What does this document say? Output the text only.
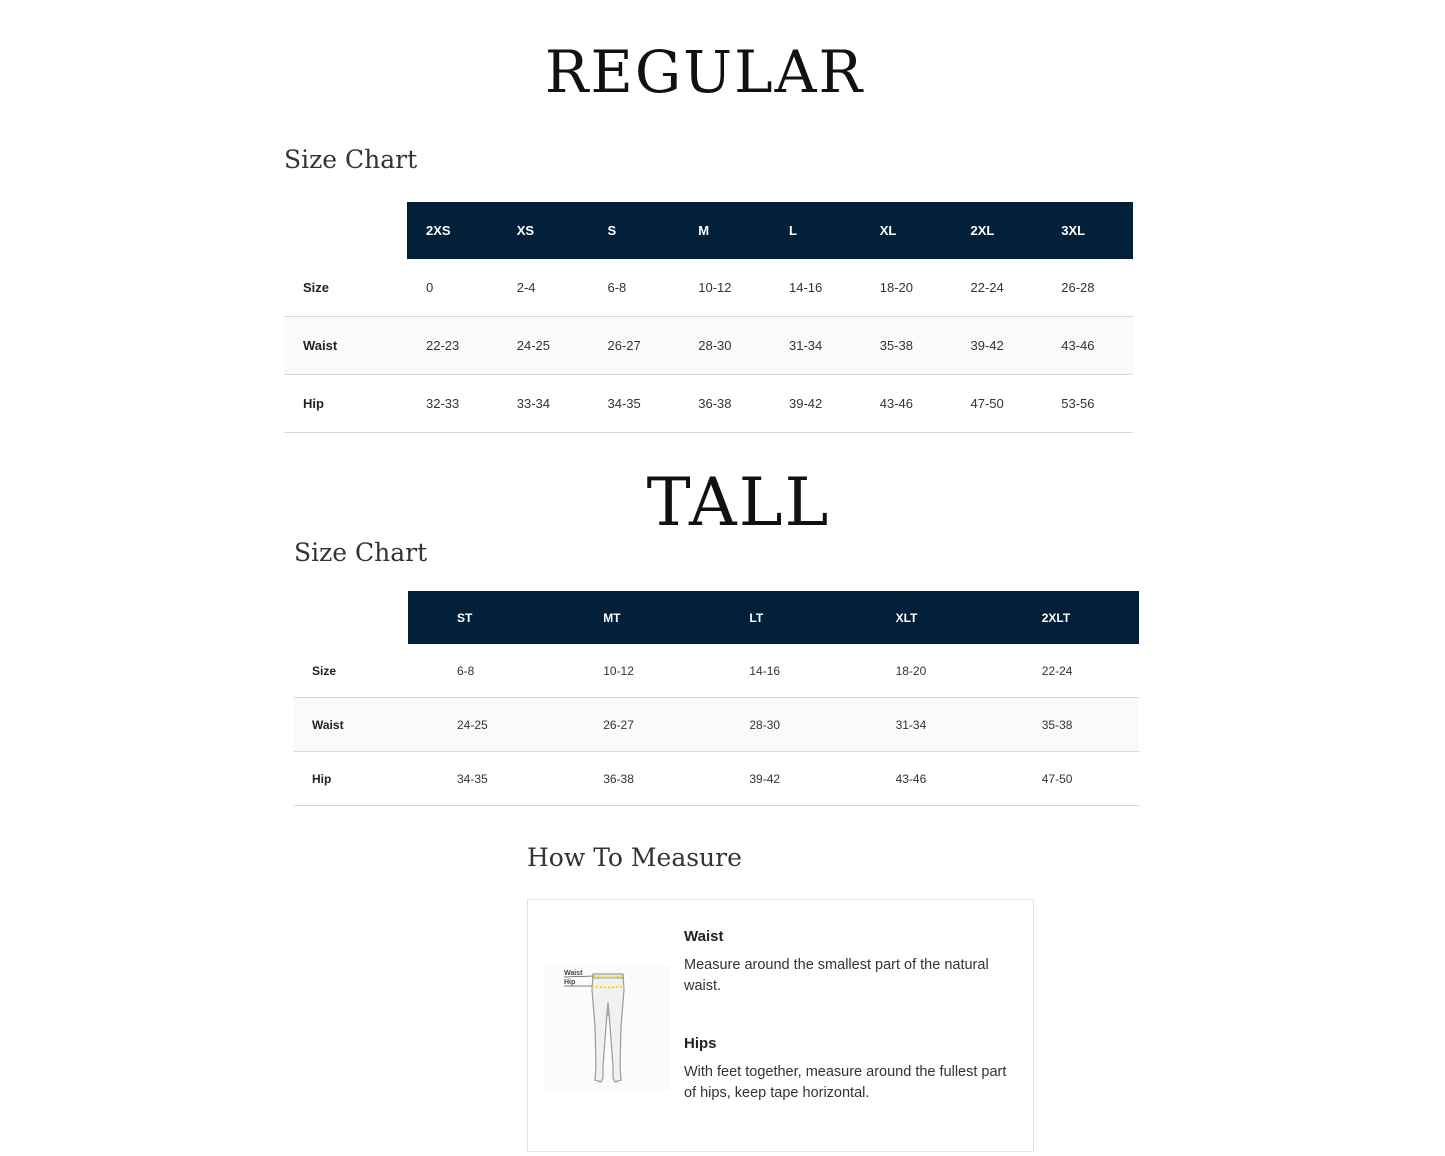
REGULAR
Size Chart
	2XS	XS	S	M	L	XL	2XL	3XL
Size	0	2-4	6-8	10-12	14-16	18-20	22-24	26-28
Waist	22-23	24-25	26-27	28-30	31-34	35-38	39-42	43-46
Hip	32-33	33-34	34-35	36-38	39-42	43-46	47-50	53-56
TALL
Size Chart
	ST	MT	LT	XLT	2XLT
Size	6-8	10-12	14-16	18-20	22-24
Waist	24-25	26-27	28-30	31-34	35-38
Hip	34-35	36-38	39-42	43-46	47-50
How To Measure
Waist
Hip
Waist

Measure around the smallest part of the natural waist.

Hips

With feet together, measure around the fullest part of hips, keep tape horizontal.
